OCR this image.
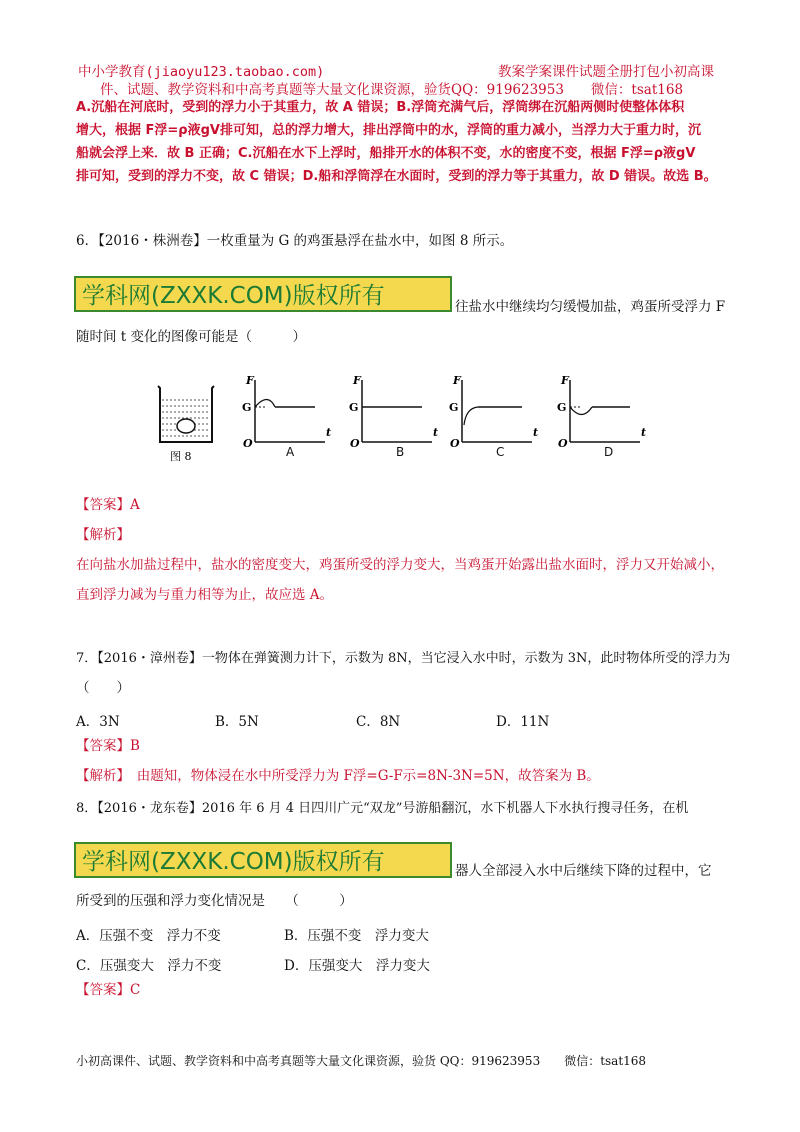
中小学教育(jiaoyu123.taobao.com)	教案学案课件试题全册打包小初高课
件、试题、教学资料和中高考真题等大量文化课资源，验货QQ：919623953　　微信：tsat168
A.沉船在河底时，受到的浮力小于其重力，故 A 错误；B.浮筒充满气后，浮筒绑在沉船两侧时使整体体积
增大，根据 F浮=ρ液gV排可知，总的浮力增大，排出浮筒中的水，浮筒的重力减小，当浮力大于重力时，沉
船就会浮上来．故 B 正确；C.沉船在水下上浮时，船排开水的体积不变，水的密度不变，根据 F浮=ρ液gV
排可知，受到的浮力不变，故 C 错误；D.船和浮筒浮在水面时，受到的浮力等于其重力，故 D 错误。故选 B。
6．【2016・株洲卷】一枚重量为 G 的鸡蛋悬浮在盐水中，如图 8 所示。
学科网(ZXXK.COM)版权所有	往盐水中继续均匀缓慢加盐，鸡蛋所受浮力 F
随时间 t 变化的图像可能是（　　　）
图 8
F
G
O
t
F
G
O
t
F
G
O
t
F
G
O
t
A	B	C	D
【答案】A
【解析】
在向盐水加盐过程中，盐水的密度变大，鸡蛋所受的浮力变大，当鸡蛋开始露出盐水面时，浮力又开始减小，
直到浮力减为与重力相等为止，故应选 A。
7．【2016・漳州卷】一物体在弹簧测力计下，示数为 8N，当它浸入水中时，示数为 3N，此时物体所受的浮力为
（　　）
A．3N	B．5N	C．8N	D．11N
【答案】B
【解析】　由题知，物体浸在水中所受浮力为 F浮=G-F示=8N-3N=5N，故答案为 B。
8．【2016・龙东卷】2016 年 6 月 4 日四川广元“双龙”号游船翻沉，水下机器人下水执行搜寻任务，在机
学科网(ZXXK.COM)版权所有	器人全部浸入水中后继续下降的过程中，它
所受到的压强和浮力变化情况是　　（　　　）
A．压强不变　浮力不变	B．压强不变　浮力变大
C．压强变大　浮力不变	D．压强变大　浮力变大
【答案】C
小初高课件、试题、教学资料和中高考真题等大量文化课资源，验货 QQ：919623953　　微信：tsat168
